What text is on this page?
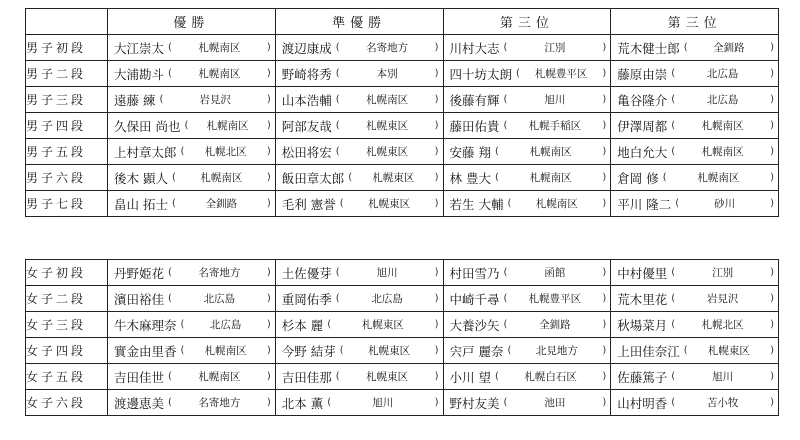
	優勝	準優勝	第三位	第三位
男子初段	大江崇太 ( 札幌南区 )	渡辺康成 ( 名寄地方 )	川村大志 ( 江別 )	荒木健士郎 ( 全釧路 )

男子二段	大浦勘斗 ( 札幌南区 )	野崎将秀 ( 本別 )	四十坊太朗 ( 札幌豊平区 )	藤原由崇 ( 北広島 )

男子三段	遠藤 練 ( 岩見沢 )	山本浩輔 ( 札幌南区 )	後藤有輝 ( 旭川 )	亀谷隆介 ( 北広島 )

男子四段	久保田 尚也 ( 札幌南区 )	阿部友哉 ( 札幌東区 )	藤田佑貴 ( 札幌手稲区 )	伊澤周都 ( 札幌南区 )

男子五段	上村章太郎 ( 札幌北区 )	松田将宏 ( 札幌東区 )	安藤 翔 ( 札幌南区 )	地白允大 ( 札幌南区 )

男子六段	後木 顕人 ( 札幌南区 )	飯田章太郎 ( 札幌東区 )	林 豊大 ( 札幌南区 )	倉岡 修 ( 札幌南区 )

男子七段	畠山 拓士 ( 全釧路 )	毛利 憲誉 ( 札幌東区 )	若生 大輔 ( 札幌南区 )	平川 隆二 ( 砂川 )
女子初段	丹野姫花 ( 名寄地方 )	土佐優芽 ( 旭川 )	村田雪乃 ( 函館 )	中村優里 ( 江別 )

女子二段	濱田裕佳 ( 北広島 )	重岡佑季 ( 北広島 )	中崎千尋 ( 札幌豊平区 )	荒木里花 ( 岩見沢 )

女子三段	牛木麻理奈 ( 北広島 )	杉本 麗 ( 札幌東区 )	大養沙矢 ( 全釧路 )	秋場菜月 ( 札幌北区 )

女子四段	實金由里香 ( 札幌南区 )	今野 結芽 ( 札幌東区 )	宍戸 麗奈 ( 北見地方 )	上田佳奈江 ( 札幌東区 )

女子五段	吉田佳世 ( 札幌南区 )	吉田佳那 ( 札幌東区 )	小川 望 ( 札幌白石区 )	佐藤篤子 ( 旭川 )

女子六段	渡邊恵美 ( 名寄地方 )	北本 薫 ( 旭川 )	野村友美 ( 池田 )	山村明香 ( 苫小牧 )
